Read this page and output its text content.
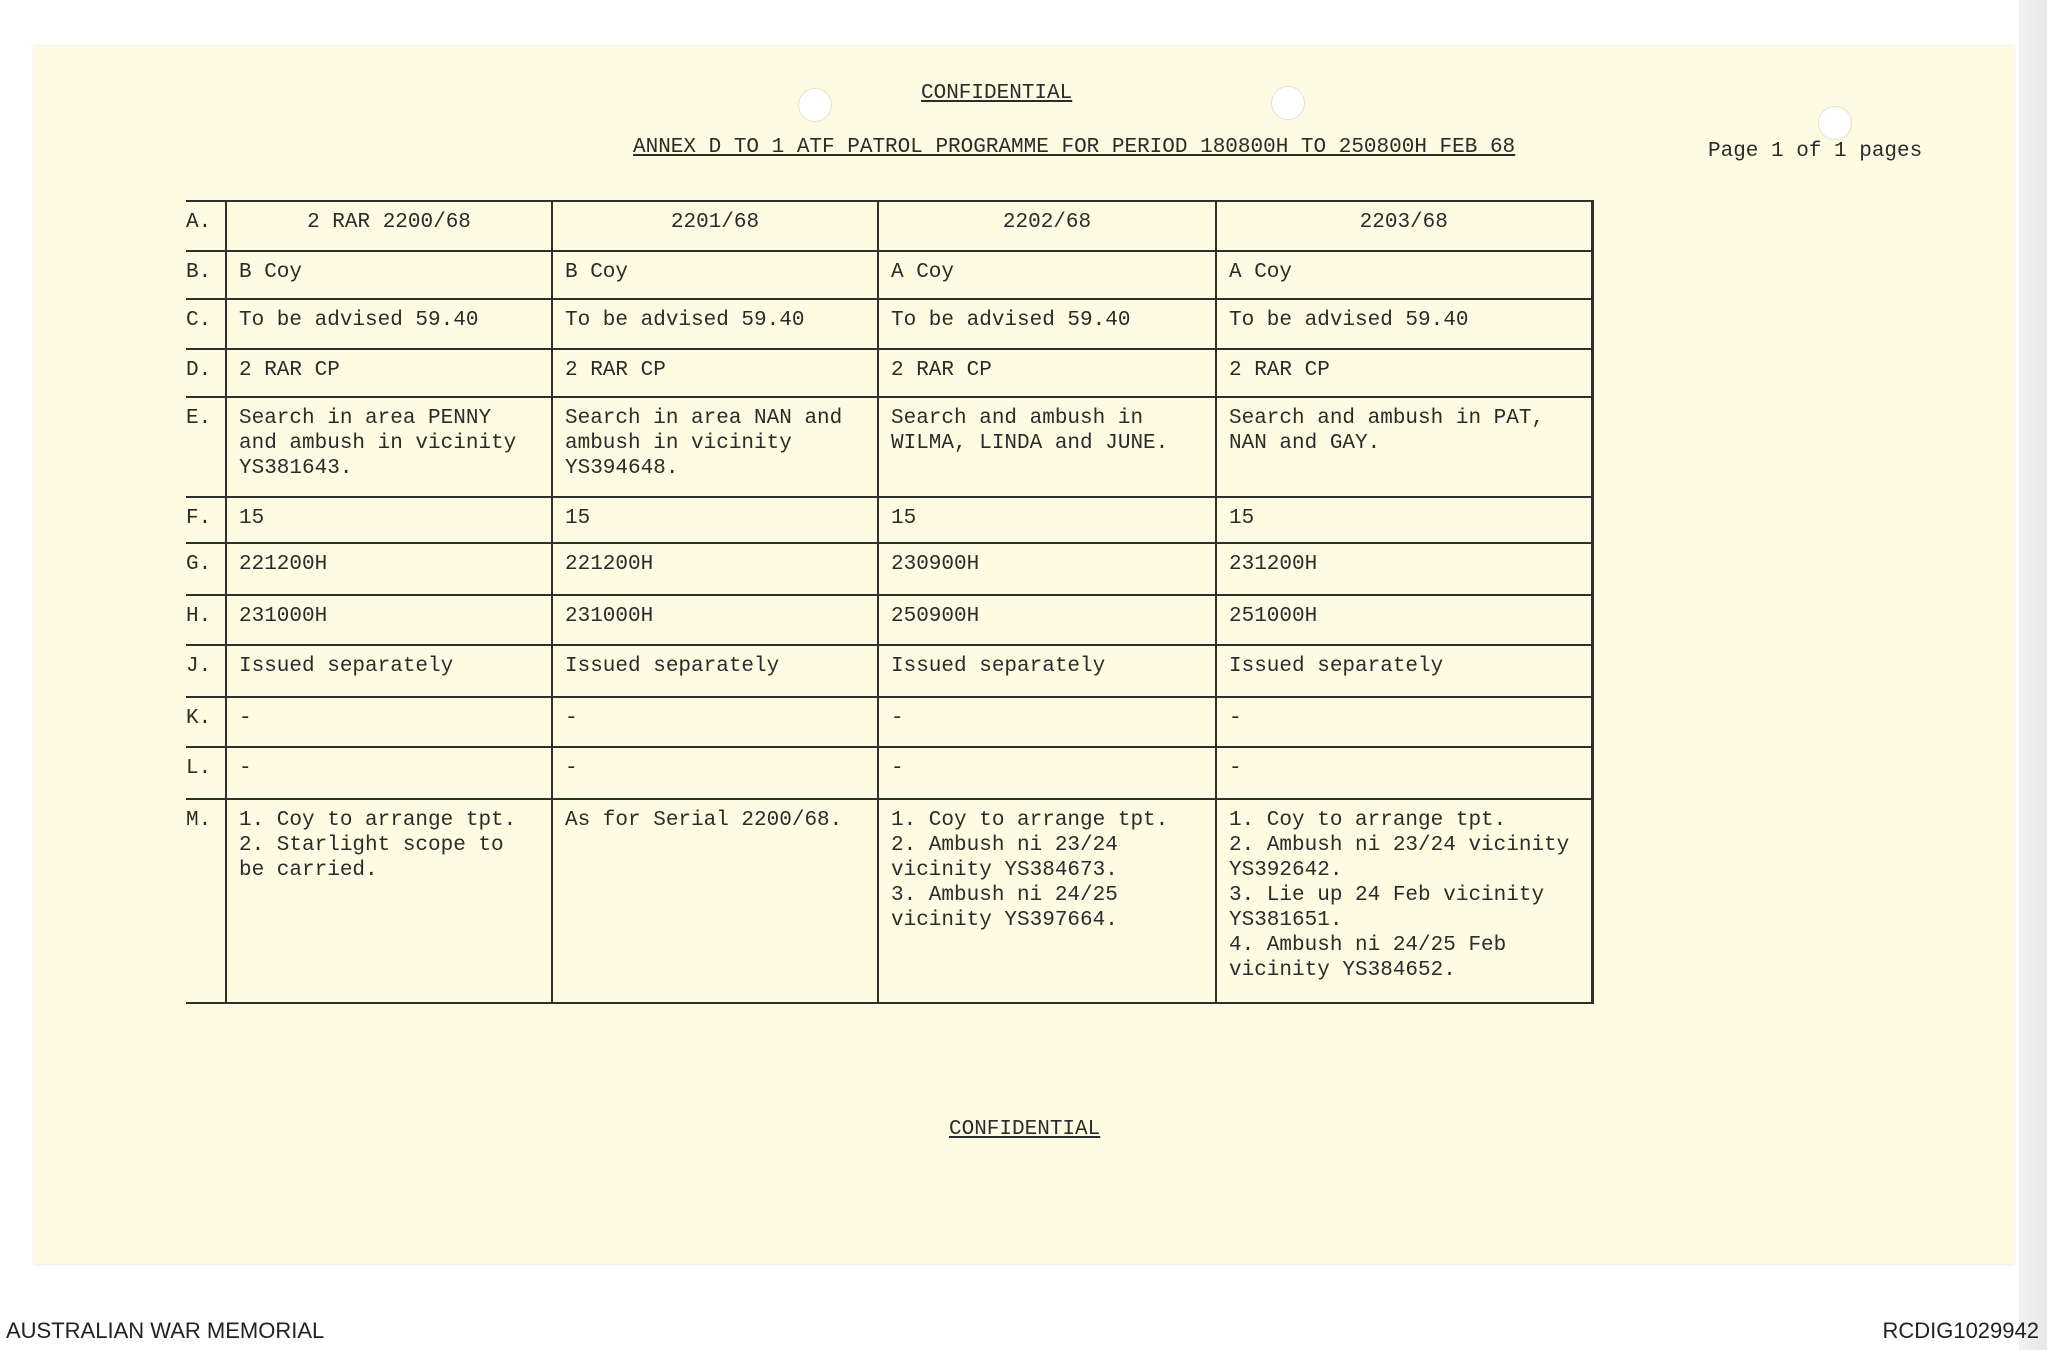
CONFIDENTIAL
ANNEX D TO 1 ATF PATROL PROGRAMME FOR PERIOD 180800H TO 250800H FEB 68	Page 1 of 1 pages
A.	2 RAR 2200/68	2201/68	2202/68	2203/68
B.	B Coy	B Coy	A Coy	A Coy
C.	To be advised 59.40	To be advised 59.40	To be advised 59.40	To be advised 59.40
D.	2 RAR CP	2 RAR CP	2 RAR CP	2 RAR CP
E.	Search in area PENNY and ambush in vicinity YS381643.	Search in area NAN and ambush in vicinity YS394648.	Search and ambush in WILMA, LINDA and JUNE.	Search and ambush in PAT, NAN and GAY.
F.	15	15	15	15
G.	221200H	221200H	230900H	231200H
H.	231000H	231000H	250900H	251000H
J.	Issued separately	Issued separately	Issued separately	Issued separately
K.	-	-	-	-
L.	-	-	-	-
M.	1. Coy to arrange tpt.
2. Starlight scope to be carried.	As for Serial 2200/68.	1. Coy to arrange tpt.
2. Ambush ni 23/24 vicinity YS384673.
3. Ambush ni 24/25 vicinity YS397664.	1. Coy to arrange tpt.
2. Ambush ni 23/24 vicinity YS392642.
3. Lie up 24 Feb vicinity YS381651.
4. Ambush ni 24/25 Feb vicinity YS384652.
CONFIDENTIAL
AUSTRALIAN WAR MEMORIAL	RCDIG1029942
